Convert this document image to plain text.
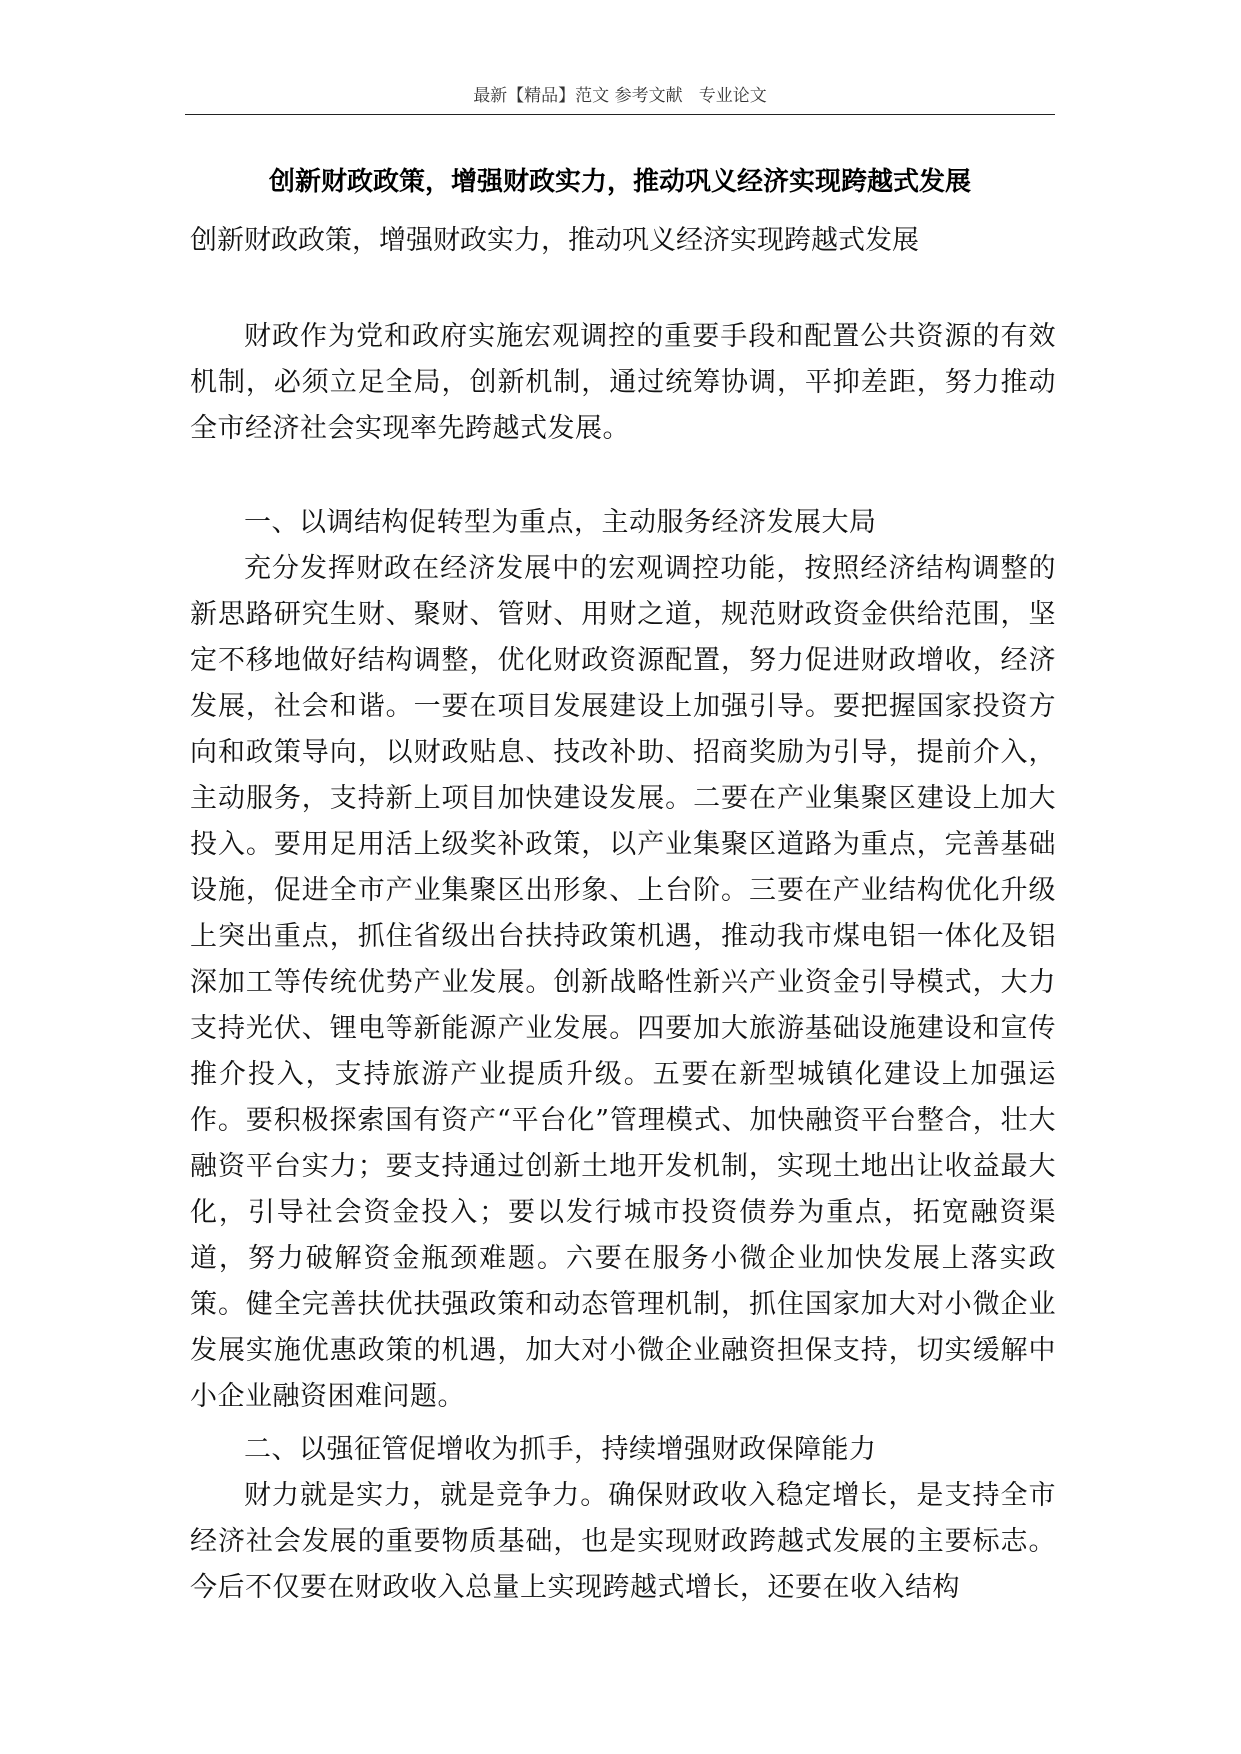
最新【精品】范文 参考文献   专业论文
创新财政政策，增强财政实力，推动巩义经济实现跨越式发展
创新财政政策，增强财政实力，推动巩义经济实现跨越式发展

财政作为党和政府实施宏观调控的重要手段和配置公共资源的有效机制，必须立足全局，创新机制，通过统筹协调，平抑差距，努力推动全市经济社会实现率先跨越式发展。

一、以调结构促转型为重点，主动服务经济发展大局

充分发挥财政在经济发展中的宏观调控功能，按照经济结构调整的新思路研究生财、聚财、管财、用财之道，规范财政资金供给范围，坚定不移地做好结构调整，优化财政资源配置，努力促进财政增收，经济发展，社会和谐。一要在项目发展建设上加强引导。要把握国家投资方向和政策导向，以财政贴息、技改补助、招商奖励为引导，提前介入，主动服务，支持新上项目加快建设发展。二要在产业集聚区建设上加大投入。要用足用活上级奖补政策，以产业集聚区道路为重点，完善基础设施，促进全市产业集聚区出形象、上台阶。三要在产业结构优化升级上突出重点，抓住省级出台扶持政策机遇，推动我市煤电铝一体化及铝深加工等传统优势产业发展。创新战略性新兴产业资金引导模式，大力支持光伏、锂电等新能源产业发展。四要加大旅游基础设施建设和宣传推介投入，支持旅游产业提质升级。五要在新型城镇化建设上加强运作。要积极探索国有资产“平台化”管理模式、加快融资平台整合，壮大融资平台实力；要支持通过创新土地开发机制，实现土地出让收益最大化，引导社会资金投入；要以发行城市投资债券为重点，拓宽融资渠道，努力破解资金瓶颈难题。六要在服务小微企业加快发展上落实政策。健全完善扶优扶强政策和动态管理机制，抓住国家加大对小微企业发展实施优惠政策的机遇，加大对小微企业融资担保支持，切实缓解中小企业融资困难问题。

二、以强征管促增收为抓手，持续增强财政保障能力

财力就是实力，就是竞争力。确保财政收入稳定增长，是支持全市经济社会发展的重要物质基础，也是实现财政跨越式发展的主要标志。今后不仅要在财政收入总量上实现跨越式增长，还要在收入结构
